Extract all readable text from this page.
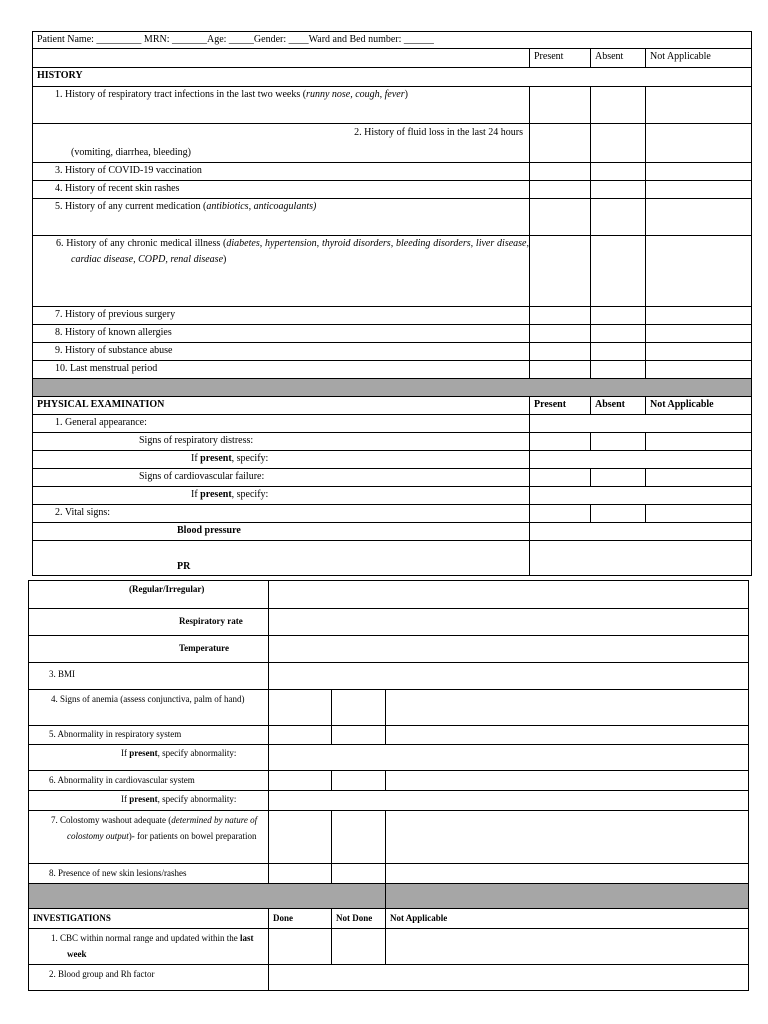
Patient Name: _________ MRN: _______Age: _____Gender: ____Ward and Bed number: ______			
	Present	Absent	Not Applicable
HISTORY			
1. History of respiratory tract infections in the last two weeks (runny nose, cough, fever)			

2. History of fluid loss in the last 24 hours
(vomiting, diarrhea, bleeding)			

3. History of COVID-19 vaccination			
4. History of recent skin rashes			
5. History of any current medication (antibiotics, anticoagulants)			
6. History of any chronic medical illness (diabetes, hypertension, thyroid disorders, bleeding disorders, liver disease, cardiac disease, COPD, renal disease)			
7. History of previous surgery			
8. History of known allergies			
9. History of substance abuse			
10. Last menstrual period			

PHYSICAL EXAMINATION	Present	Absent	Not Applicable
1. General appearance:			
Signs of respiratory distress:			
If present, specify:			
Signs of cardiovascular failure:			
If present, specify:			
2. Vital signs:			
Blood pressure			
PR			
(Regular/Irregular)			
Respiratory rate			
Temperature			
3. BMI			
4. Signs of anemia (assess conjunctiva, palm of hand)			
5. Abnormality in respiratory system			
If present, specify abnormality:			
6. Abnormality in cardiovascular system			
If present, specify abnormality:			
7. Colostomy washout adequate (determined by nature of colostomy output)- for patients on bowel preparation			
8. Presence of new skin lesions/rashes			

INVESTIGATIONS	Done	Not Done	Not Applicable
1. CBC within normal range and updated within the last week			
2. Blood group and Rh factor			
